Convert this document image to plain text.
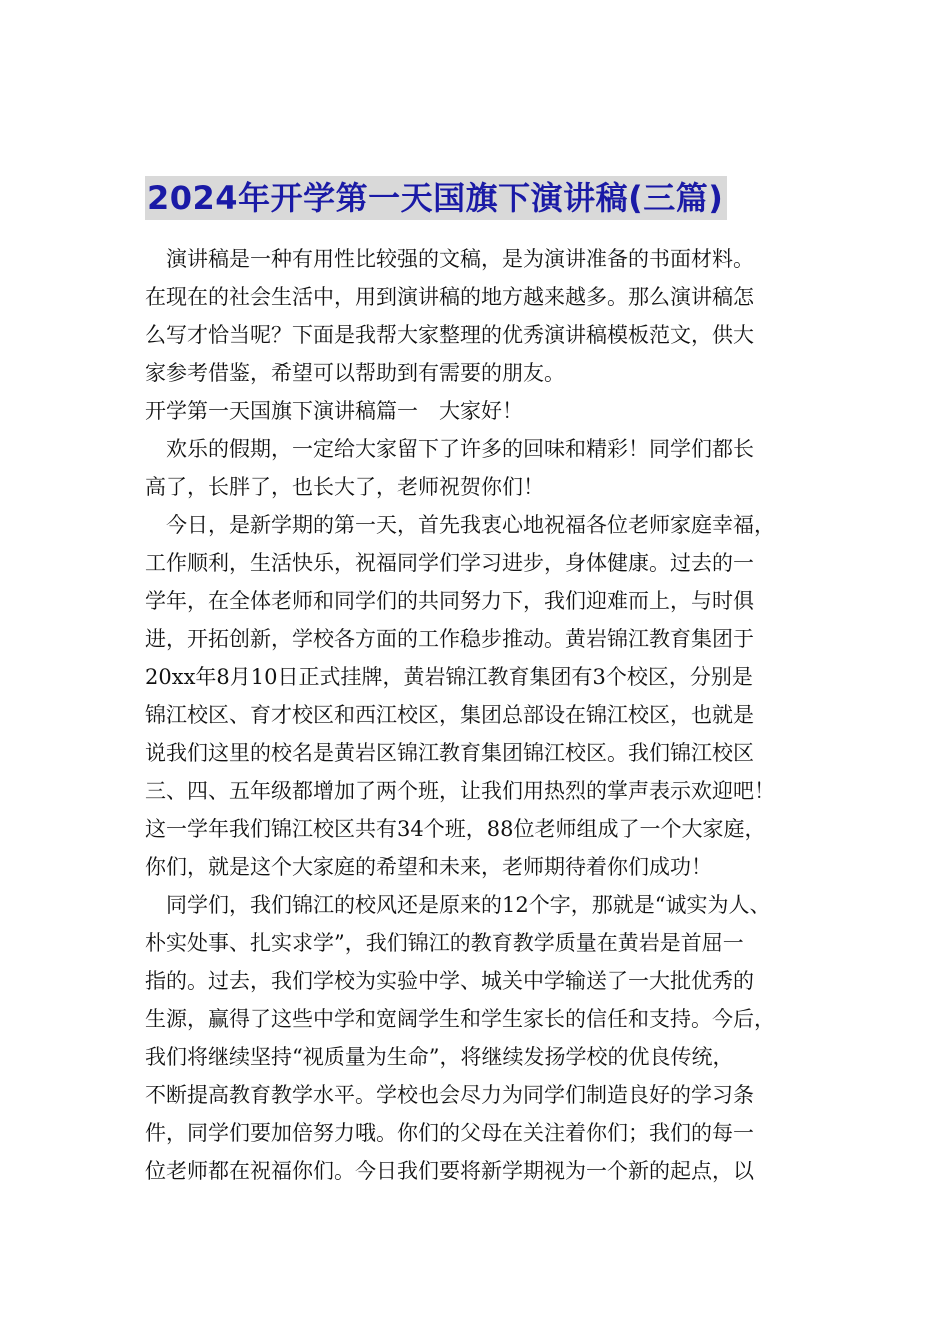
2024年开学第一天国旗下演讲稿(三篇)
演讲稿是一种有用性比较强的文稿，是为演讲准备的书面材料。
在现在的社会生活中，用到演讲稿的地方越来越多。那么演讲稿怎
么写才恰当呢？下面是我帮大家整理的优秀演讲稿模板范文，供大
家参考借鉴，希望可以帮助到有需要的朋友。
开学第一天国旗下演讲稿篇一　大家好！
欢乐的假期，一定给大家留下了许多的回味和精彩！同学们都长
高了，长胖了，也长大了，老师祝贺你们！
今日，是新学期的第一天，首先我衷心地祝福各位老师家庭幸福，
工作顺利，生活快乐，祝福同学们学习进步，身体健康。过去的一
学年，在全体老师和同学们的共同努力下，我们迎难而上，与时俱
进，开拓创新，学校各方面的工作稳步推动。黄岩锦江教育集团于
20xx年8月10日正式挂牌，黄岩锦江教育集团有3个校区，分别是
锦江校区、育才校区和西江校区，集团总部设在锦江校区，也就是
说我们这里的校名是黄岩区锦江教育集团锦江校区。我们锦江校区
三、四、五年级都增加了两个班，让我们用热烈的掌声表示欢迎吧！
这一学年我们锦江校区共有34个班，88位老师组成了一个大家庭，
你们，就是这个大家庭的希望和未来，老师期待着你们成功！
同学们，我们锦江的校风还是原来的12个字，那就是“诚实为人、
朴实处事、扎实求学”，我们锦江的教育教学质量在黄岩是首屈一
指的。过去，我们学校为实验中学、城关中学输送了一大批优秀的
生源，赢得了这些中学和宽阔学生和学生家长的信任和支持。今后，
我们将继续坚持“视质量为生命”，将继续发扬学校的优良传统，
不断提高教育教学水平。学校也会尽力为同学们制造良好的学习条
件，同学们要加倍努力哦。你们的父母在关注着你们；我们的每一
位老师都在祝福你们。今日我们要将新学期视为一个新的起点，以
